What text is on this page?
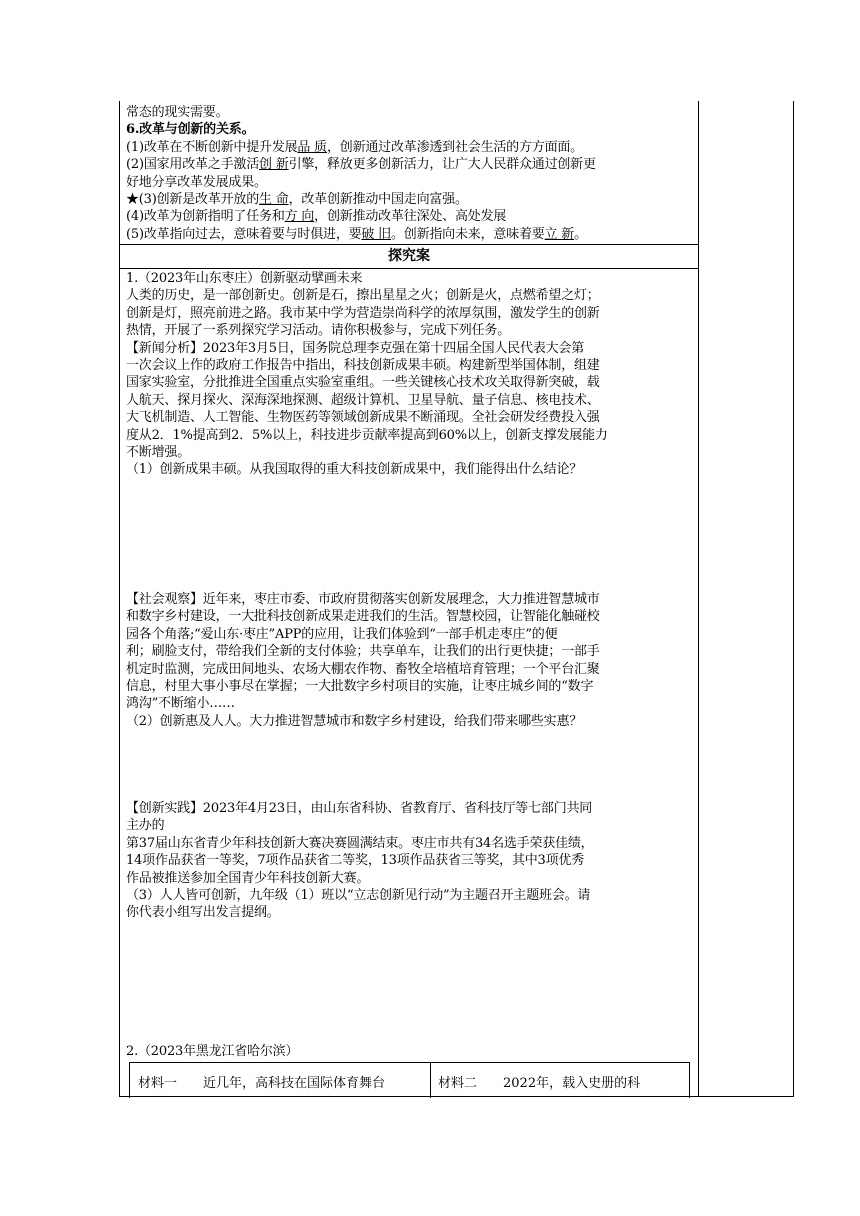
常态的现实需要。

6.改革与创新的关系。

(1)改革在不断创新中提升发展品 质，创新通过改革渗透到社会生活的方方面面。

(2)国家用改革之手激活创 新引擎，释放更多创新活力，让广大人民群众通过创新更

好地分享改革发展成果。

★(3)创新是改革开放的生 命，改革创新推动中国走向富强。

(4)改革为创新指明了任务和方 向，创新推动改革往深处、高处发展

(5)改革指向过去，意味着要与时俱进，要破 旧。创新指向未来，意味着要立 新。

探究案

1.（2023年山东枣庄）创新驱动擘画未来

人类的历史，是一部创新史。创新是石，擦出星星之火；创新是火，点燃希望之灯；

创新是灯，照亮前进之路。我市某中学为营造崇尚科学的浓厚氛围，激发学生的创新

热情，开展了一系列探究学习活动。请你积极参与，完成下列任务。

【新闻分析】2023年3月5日，国务院总理李克强在第十四届全国人民代表大会第

一次会议上作的政府工作报告中指出，科技创新成果丰硕。构建新型举国体制，组建

国家实验室，分批推进全国重点实验室重组。一些关键核心技术攻关取得新突破，载

人航天、探月探火、深海深地探测、超级计算机、卫星导航、量子信息、核电技术、

大飞机制造、人工智能、生物医药等领域创新成果不断涌现。全社会研发经费投入强

度从2．1%提高到2．5%以上，科技进步贡献率提高到60%以上，创新支撑发展能力

不断增强。

（1）创新成果丰硕。从我国取得的重大科技创新成果中，我们能得出什么结论？

【社会观察】近年来，枣庄市委、市政府贯彻落实创新发展理念，大力推进智慧城市

和数字乡村建设，一大批科技创新成果走进我们的生活。智慧校园，让智能化触碰校

园各个角落;“爱山东·枣庄”APP的应用，让我们体验到“一部手机走枣庄”的便

利；刷脸支付，带给我们全新的支付体验；共享单车，让我们的出行更快捷；一部手

机定时监测，完成田间地头、农场大棚农作物、畜牧全培植培育管理；一个平台汇聚

信息，村里大事小事尽在掌握；一大批数字乡村项目的实施，让枣庄城乡间的“数字

鸿沟”不断缩小……

（2）创新惠及人人。大力推进智慧城市和数字乡村建设，给我们带来哪些实惠？

【创新实践】2023年4月23日，由山东省科协、省教育厅、省科技厅等七部门共同

主办的

第37届山东省青少年科技创新大赛决赛圆满结束。枣庄市共有34名选手荣获佳绩，

14项作品获省一等奖，7项作品获省二等奖，13项作品获省三等奖，其中3项优秀

作品被推送参加全国青少年科技创新大赛。

（3）人人皆可创新，九年级（1）班以“立志创新见行动”为主题召开主题班会。请

你代表小组写出发言提纲。

2.（2023年黑龙江省哈尔滨）

材料一　　近几年，高科技在国际体育舞台	材料二　　2022年，载入史册的科
